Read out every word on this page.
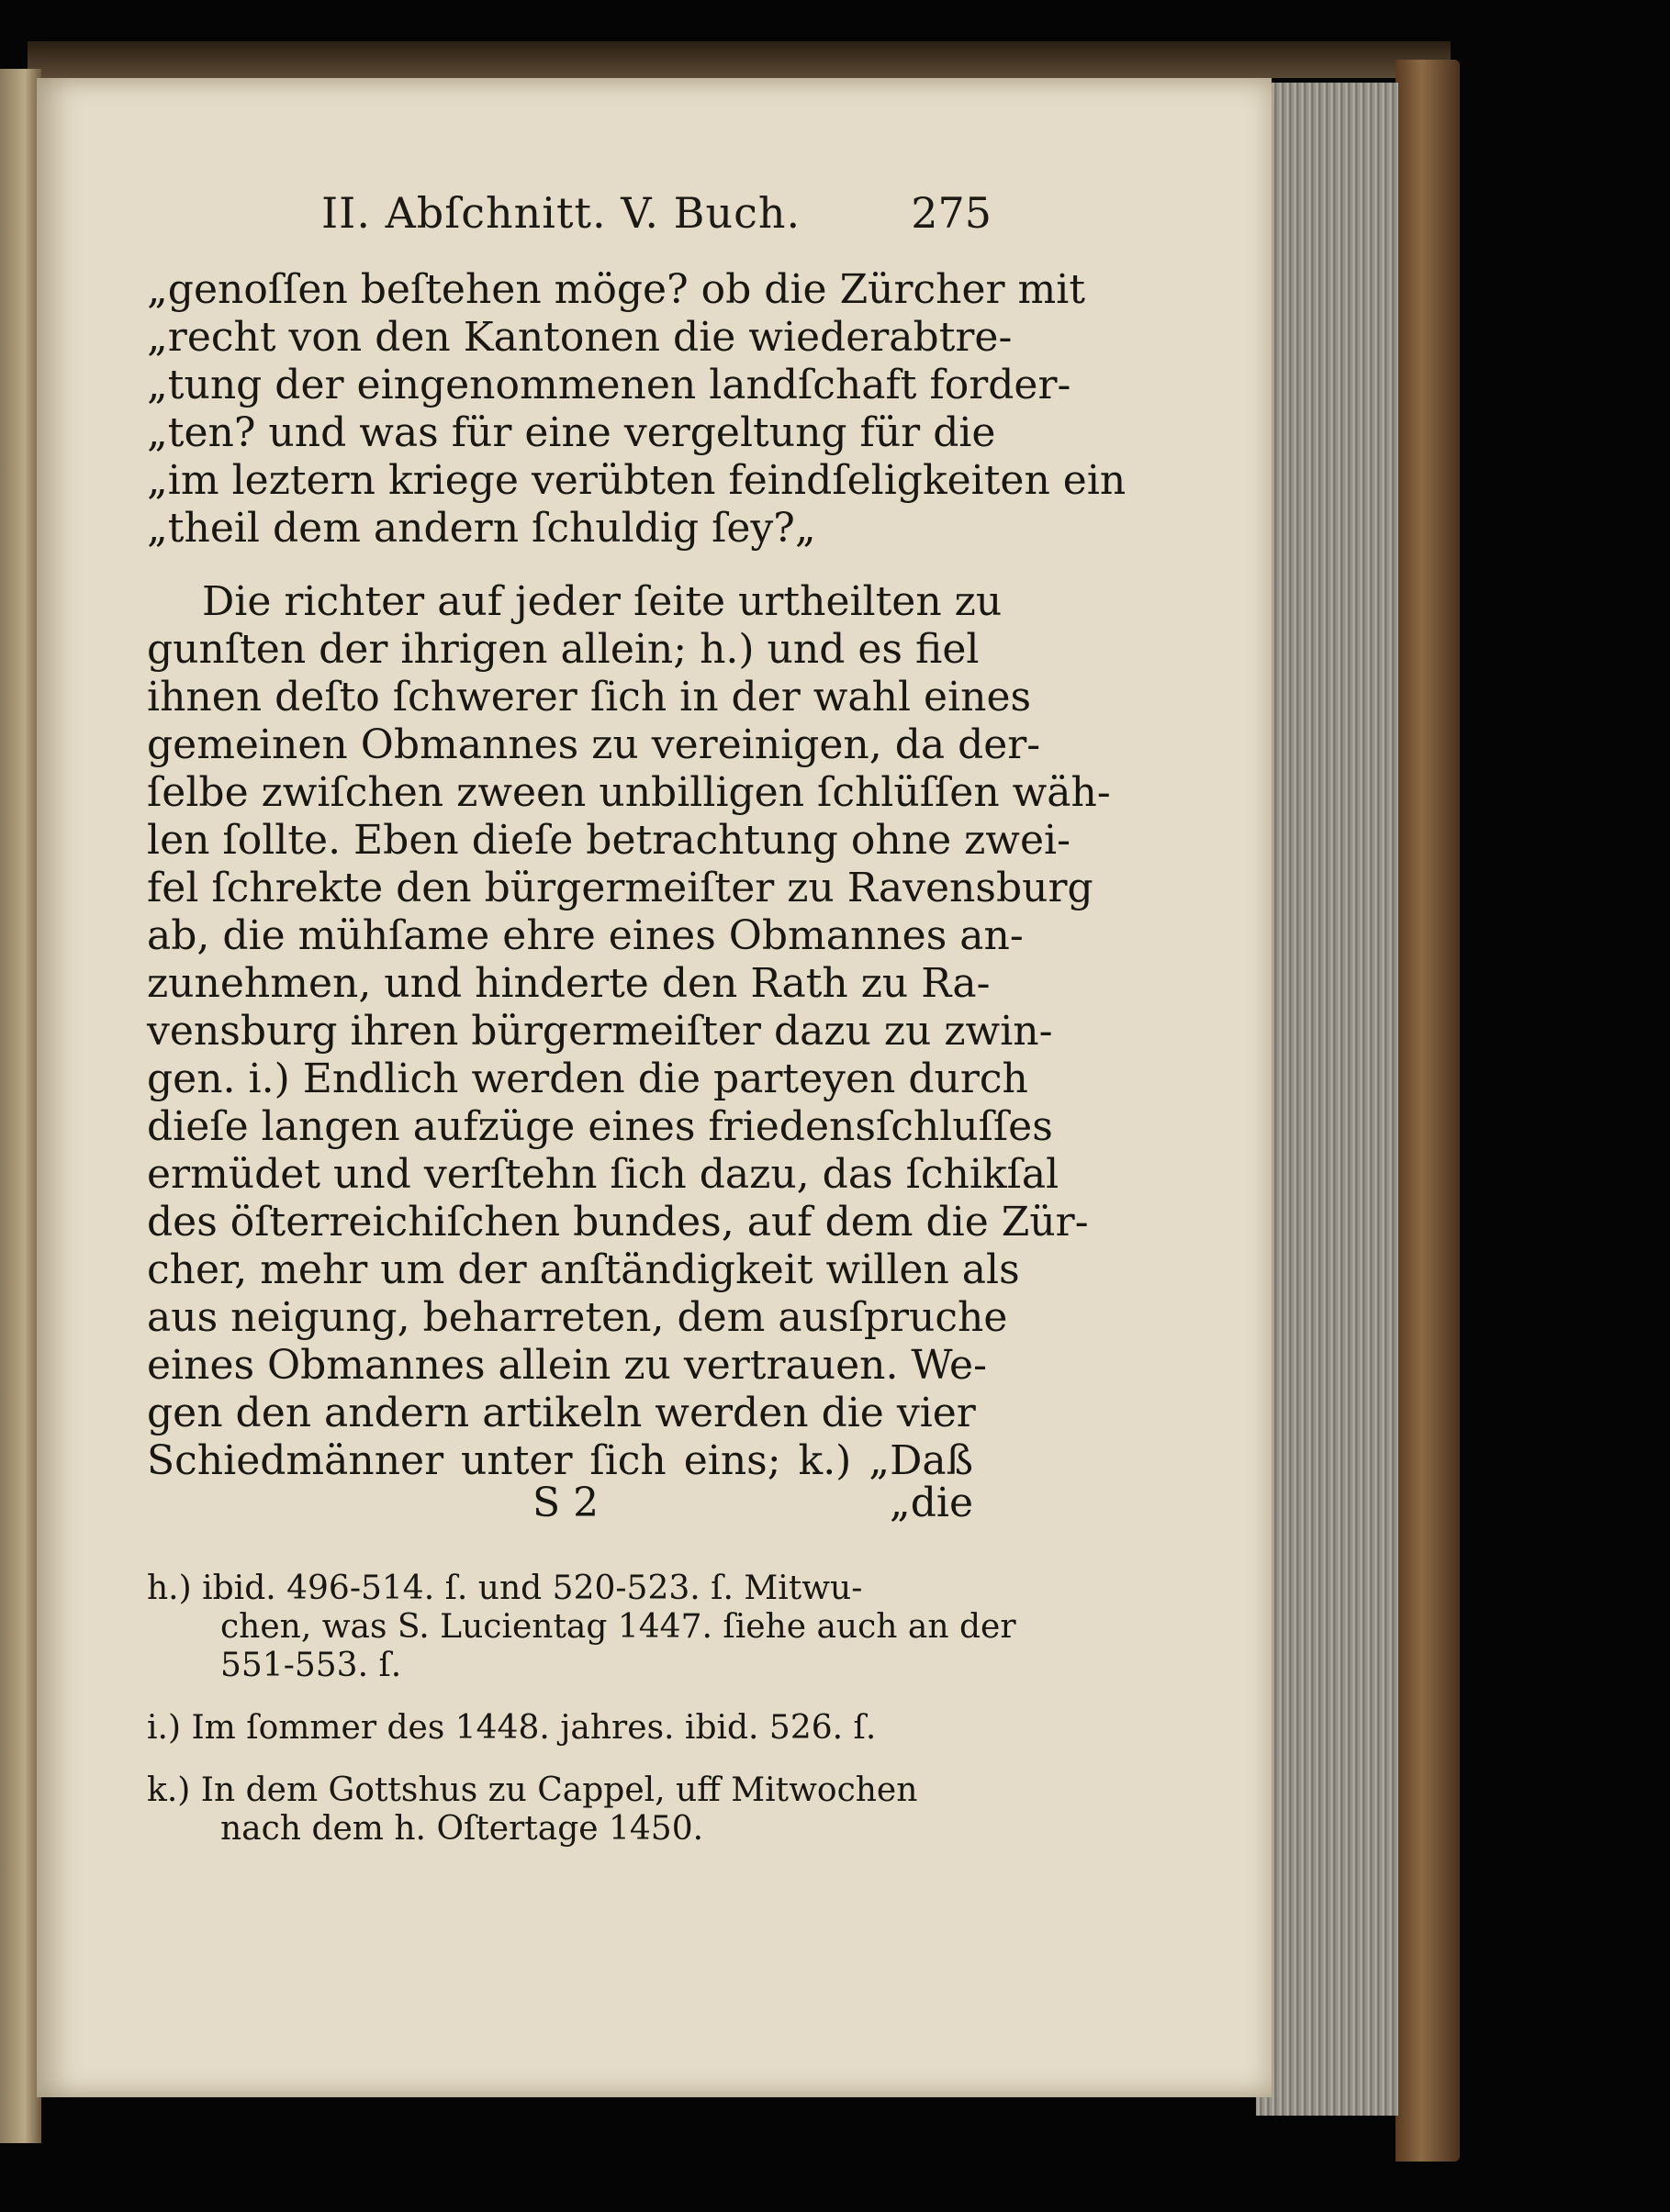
II. Abſchnitt. V. Buch.	275
„genoſſen beſtehen möge? ob die Zürcher mit
„recht von den Kantonen die wiederabtre-
„tung der eingenommenen landſchaft forder-
„ten? und was für eine vergeltung für die
„im leztern kriege verübten feindſeligkeiten ein
„theil dem andern ſchuldig ſey?„
Die richter auf jeder ſeite urtheilten zu
gunſten der ihrigen allein; h.) und es fiel
ihnen deſto ſchwerer ſich in der wahl eines
gemeinen Obmannes zu vereinigen, da der-
ſelbe zwiſchen zween unbilligen ſchlüſſen wäh-
len ſollte. Eben dieſe betrachtung ohne zwei-
fel ſchrekte den bürgermeiſter zu Ravensburg
ab, die mühſame ehre eines Obmannes an-
zunehmen, und hinderte den Rath zu Ra-
vensburg ihren bürgermeiſter dazu zu zwin-
gen. i.) Endlich werden die parteyen durch
dieſe langen aufzüge eines friedensſchluſſes
ermüdet und verſtehn ſich dazu, das ſchikſal
des öſterreichiſchen bundes, auf dem die Zür-
cher, mehr um der anſtändigkeit willen als
aus neigung, beharreten, dem ausſpruche
eines Obmannes allein zu vertrauen. We-
gen den andern artikeln werden die vier
Schiedmänner unter ſich eins; k.) „Daß
S 2	„die
h.) ibid. 496-514. ſ. und 520-523. ſ. Mitwu-
chen, was S. Lucientag 1447. ſiehe auch an der
551-553. ſ.
i.) Im ſommer des 1448. jahres. ibid. 526. ſ.
k.) In dem Gottshus zu Cappel, uff Mitwochen
nach dem h. Oſtertage 1450.
